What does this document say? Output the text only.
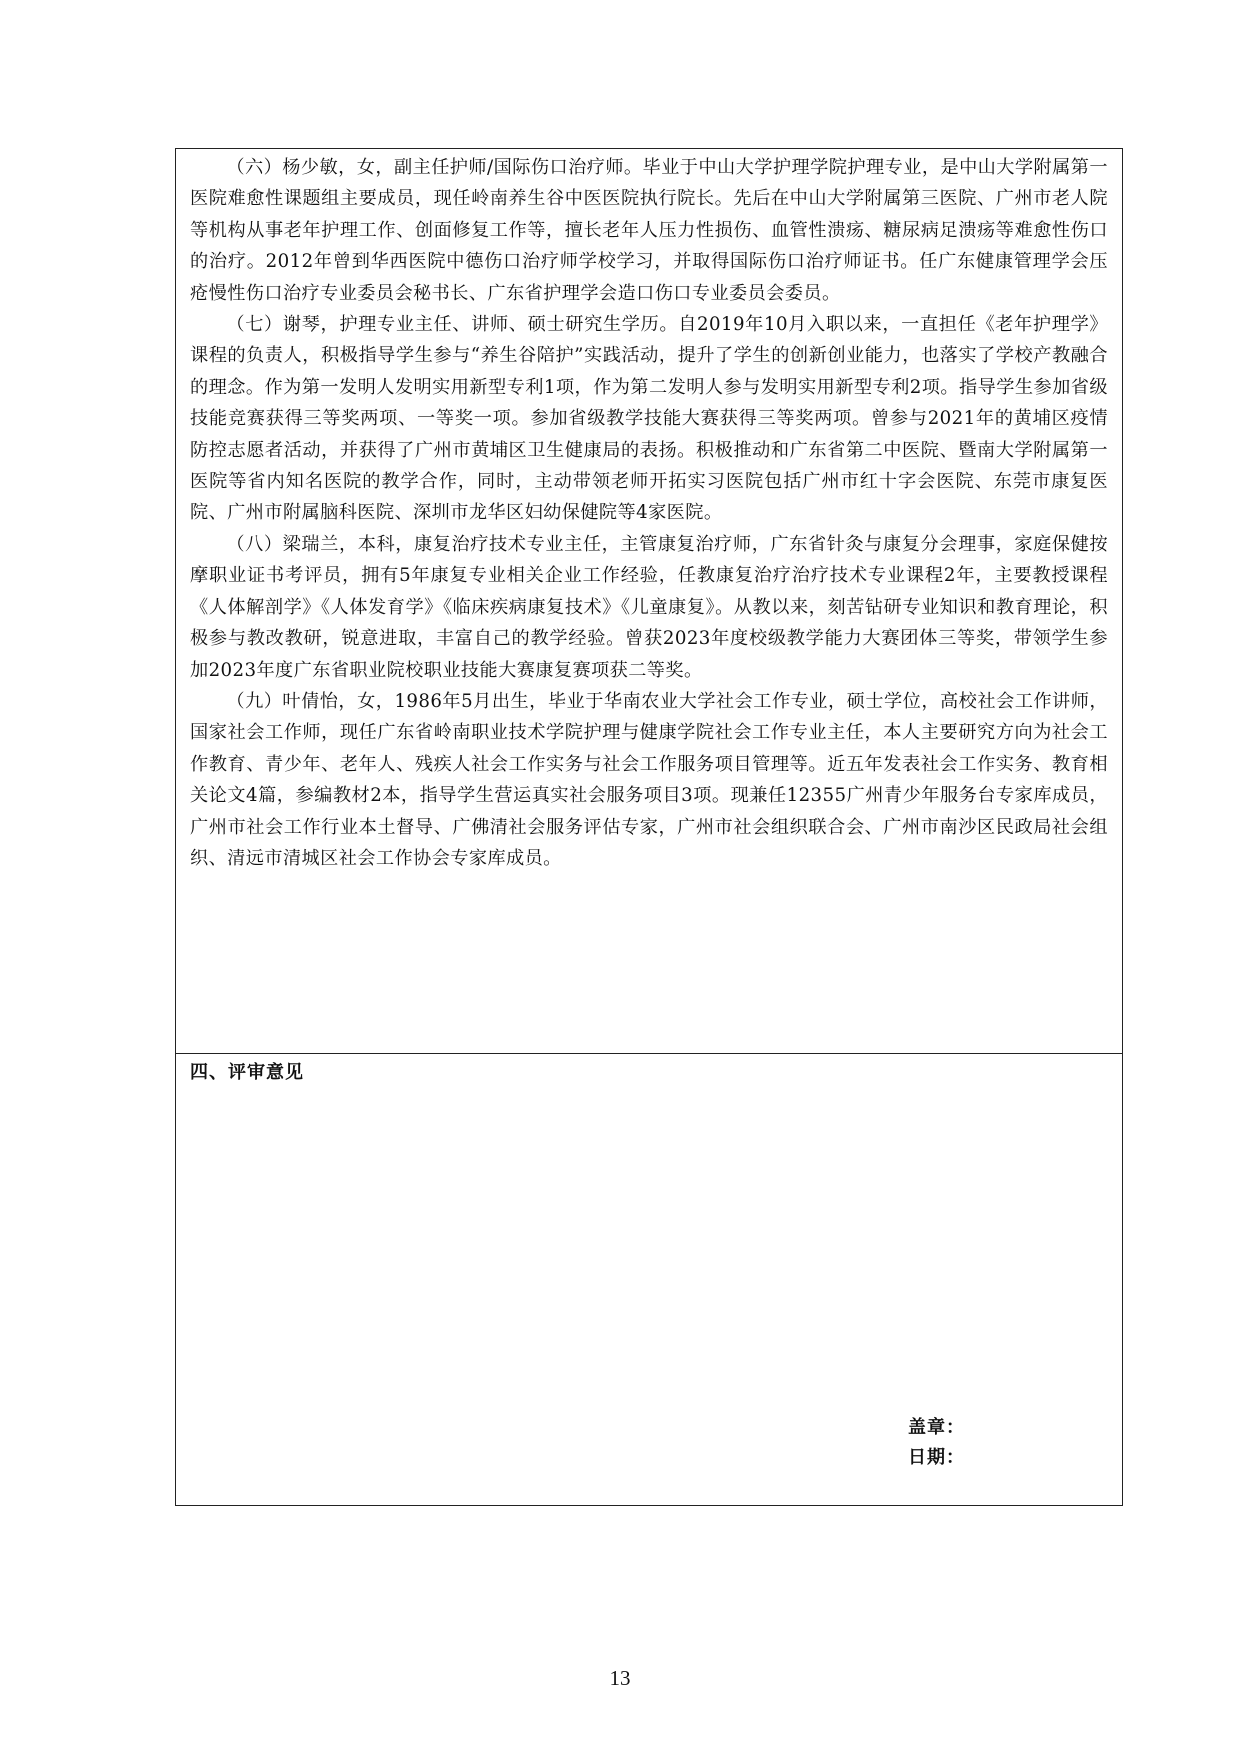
（六）杨少敏，女，副主任护师/国际伤口治疗师。毕业于中山大学护理学院护理专业，是中山大学附属第一医院难愈性课题组主要成员，现任岭南养生谷中医医院执行院长。先后在中山大学附属第三医院、广州市老人院等机构从事老年护理工作、创面修复工作等，擅长老年人压力性损伤、血管性溃疡、糖尿病足溃疡等难愈性伤口的治疗。2012年曾到华西医院中德伤口治疗师学校学习，并取得国际伤口治疗师证书。任广东健康管理学会压疮慢性伤口治疗专业委员会秘书长、广东省护理学会造口伤口专业委员会委员。

（七）谢琴，护理专业主任、讲师、硕士研究生学历。自2019年10月入职以来，一直担任《老年护理学》课程的负责人，积极指导学生参与“养生谷陪护”实践活动，提升了学生的创新创业能力，也落实了学校产教融合的理念。作为第一发明人发明实用新型专利1项，作为第二发明人参与发明实用新型专利2项。指导学生参加省级技能竞赛获得三等奖两项、一等奖一项。参加省级教学技能大赛获得三等奖两项。曾参与2021年的黄埔区疫情防控志愿者活动，并获得了广州市黄埔区卫生健康局的表扬。积极推动和广东省第二中医院、暨南大学附属第一医院等省内知名医院的教学合作，同时，主动带领老师开拓实习医院包括广州市红十字会医院、东莞市康复医院、广州市附属脑科医院、深圳市龙华区妇幼保健院等4家医院。

（八）梁瑞兰，本科，康复治疗技术专业主任，主管康复治疗师，广东省针灸与康复分会理事，家庭保健按摩职业证书考评员，拥有5年康复专业相关企业工作经验，任教康复治疗治疗技术专业课程2年，主要教授课程《人体解剖学》《人体发育学》《临床疾病康复技术》《儿童康复》。从教以来，刻苦钻研专业知识和教育理论，积极参与教改教研，锐意进取，丰富自己的教学经验。曾获2023年度校级教学能力大赛团体三等奖，带领学生参加2023年度广东省职业院校职业技能大赛康复赛项获二等奖。

（九）叶倩怡，女，1986年5月出生，毕业于华南农业大学社会工作专业，硕士学位，高校社会工作讲师，国家社会工作师，现任广东省岭南职业技术学院护理与健康学院社会工作专业主任，本人主要研究方向为社会工作教育、青少年、老年人、残疾人社会工作实务与社会工作服务项目管理等。近五年发表社会工作实务、教育相关论文4篇，参编教材2本，指导学生营运真实社会服务项目3项。现兼任12355广州青少年服务台专家库成员，广州市社会工作行业本土督导、广佛清社会服务评估专家，广州市社会组织联合会、广州市南沙区民政局社会组织、清远市清城区社会工作协会专家库成员。

四、评审意见
盖章：
日期：
13
